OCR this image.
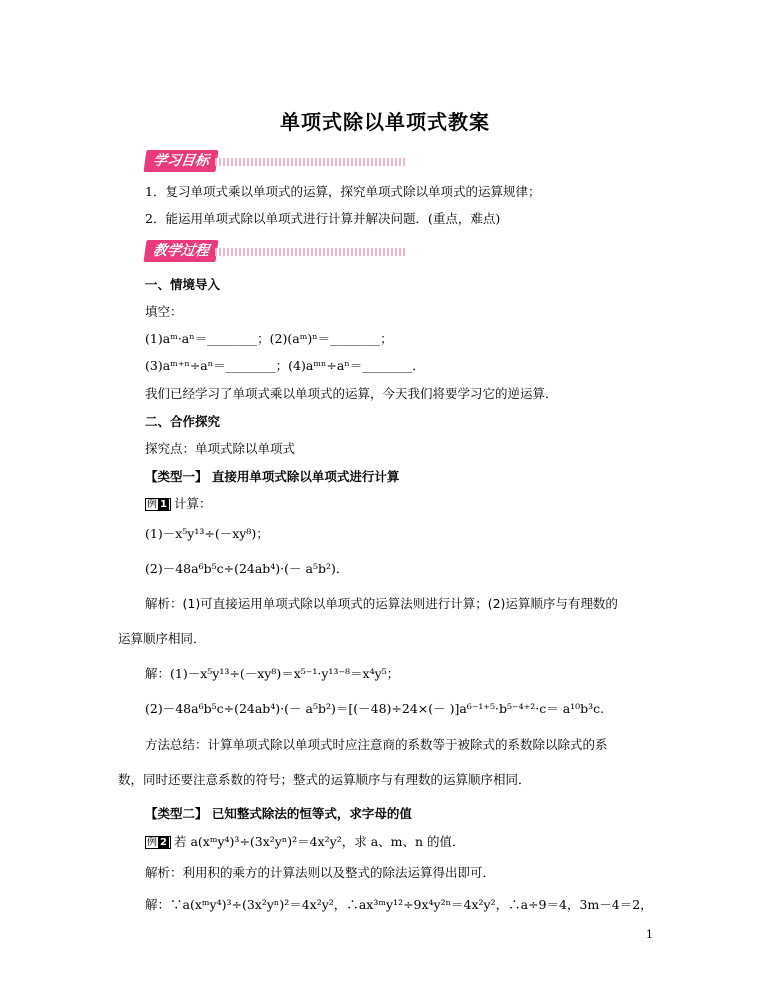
单项式除以单项式教案
学习目标
1．复习单项式乘以单项式的运算，探究单项式除以单项式的运算规律；
2．能运用单项式除以单项式进行计算并解决问题．(重点，难点)
教学过程
一、情境导入
填空：
(1)aᵐ·aⁿ＝________；(2)(aᵐ)ⁿ＝________；
(3)aᵐ⁺ⁿ÷aⁿ＝________；(4)aᵐⁿ÷aⁿ＝________．
我们已经学习了单项式乘以单项式的运算，今天我们将要学习它的逆运算．
二、合作探究
探究点：单项式除以单项式
【类型一】 直接用单项式除以单项式进行计算
例 1 计算：
(1)－x⁵y¹³÷(－xy⁸)；
(2)－48a⁶b⁵c÷(24ab⁴)·(－ a⁵b²)．
解析：(1)可直接运用单项式除以单项式的运算法则进行计算；(2)运算顺序与有理数的
运算顺序相同．
解：(1)－x⁵y¹³÷(－xy⁸)＝x⁵⁻¹·y¹³⁻⁸＝x⁴y⁵；
(2)－48a⁶b⁵c÷(24ab⁴)·(－ a⁵b²)＝[(－48)÷24×(－ )]a⁶⁻¹⁺⁵·b⁵⁻⁴⁺²·c＝ a¹⁰b³c.
方法总结：计算单项式除以单项式时应注意商的系数等于被除式的系数除以除式的系
数，同时还要注意系数的符号；整式的运算顺序与有理数的运算顺序相同．
【类型二】 已知整式除法的恒等式，求字母的值
例 2 若 a(xᵐy⁴)³÷(3x²yⁿ)²＝4x²y²，求 a、m、n 的值．
解析：利用积的乘方的计算法则以及整式的除法运算得出即可．
解：∵a(xᵐy⁴)³÷(3x²yⁿ)²＝4x²y²，∴ax³ᵐy¹²÷9x⁴y²ⁿ＝4x²y²，∴a÷9＝4，3m－4＝2，
1
